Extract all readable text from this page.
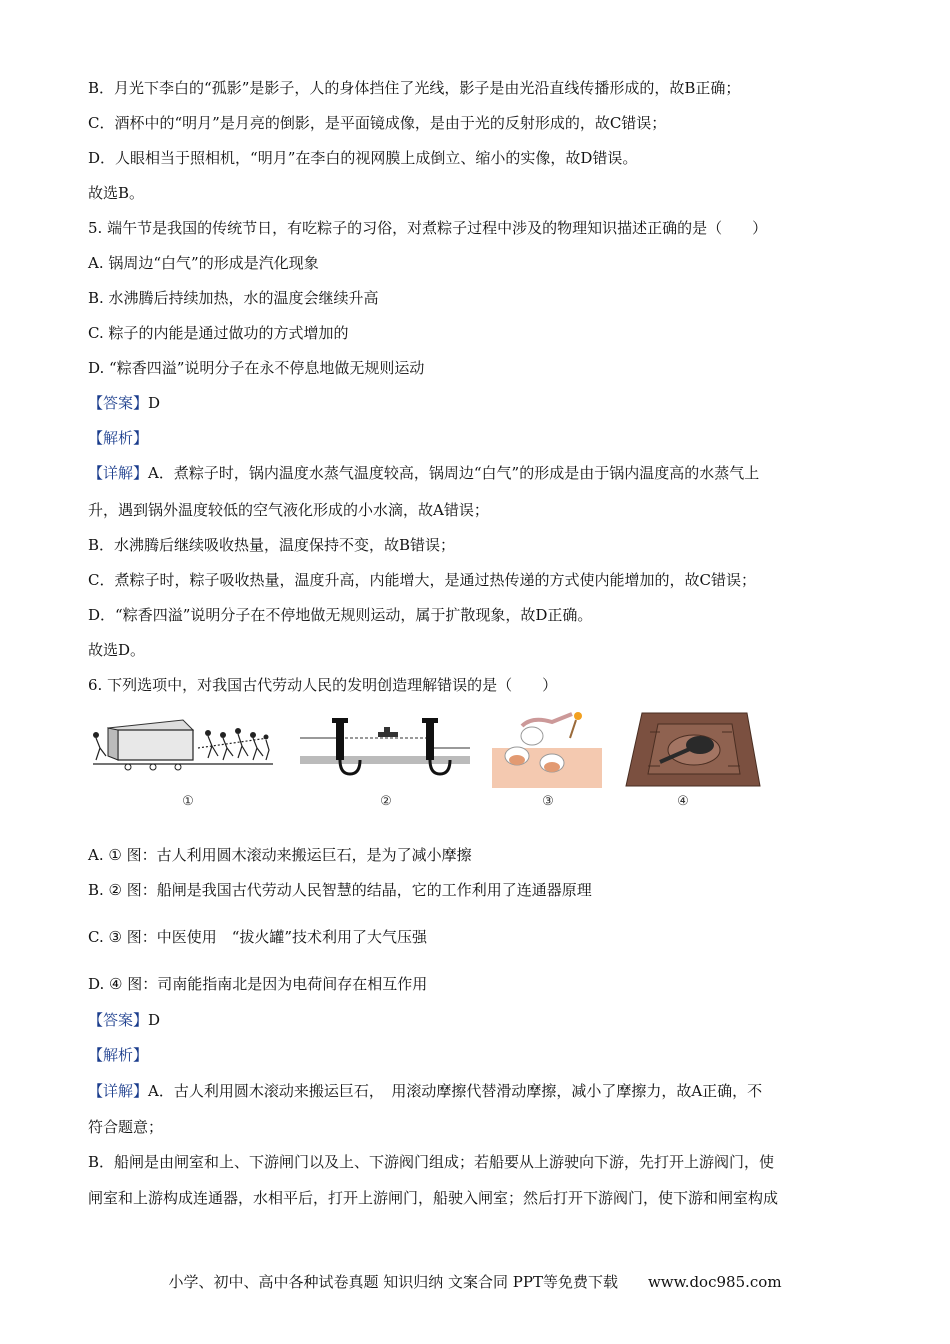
B．月光下李白的“孤影”是影子，人的身体挡住了光线，影子是由光沿直线传播形成的，故B正确；
C．酒杯中的“明月”是月亮的倒影，是平面镜成像，是由于光的反射形成的，故C错误；
D．人眼相当于照相机，“明月”在李白的视网膜上成倒立、缩小的实像，故D错误。
故选B。
5. 端午节是我国的传统节日，有吃粽子的习俗，对煮粽子过程中涉及的物理知识描述正确的是（　　）
A. 锅周边“白气”的形成是汽化现象
B. 水沸腾后持续加热，水的温度会继续升高
C. 粽子的内能是通过做功的方式增加的
D. “粽香四溢”说明分子在永不停息地做无规则运动
【答案】D
【解析】
【详解】A．煮粽子时，锅内温度水蒸气温度较高，锅周边“白气”的形成是由于锅内温度高的水蒸气上
升，遇到锅外温度较低的空气液化形成的小水滴，故A错误；
B．水沸腾后继续吸收热量，温度保持不变，故B错误；
C．煮粽子时，粽子吸收热量，温度升高，内能增大，是通过热传递的方式使内能增加的，故C错误；
D．“粽香四溢”说明分子在不停地做无规则运动，属于扩散现象，故D正确。
故选D。
6. 下列选项中，对我国古代劳动人民的发明创造理解错误的是（　　）
①	②	③	④
A. ① 图：古人利用圆木滚动来搬运巨石，是为了减小摩擦
B. ② 图：船闸是我国古代劳动人民智慧的结晶，它的工作利用了连通器原理
C. ③ 图：中医使用　“拔火罐”技术利用了大气压强
D. ④ 图：司南能指南北是因为电荷间存在相互作用
【答案】D
【解析】
【详解】A．古人利用圆木滚动来搬运巨石，　用滚动摩擦代替滑动摩擦，减小了摩擦力，故A正确，不
符合题意；
B．船闸是由闸室和上、下游闸门以及上、下游阀门组成；若船要从上游驶向下游，先打开上游阀门，使
闸室和上游构成连通器，水相平后，打开上游闸门，船驶入闸室；然后打开下游阀门，使下游和闸室构成
小学、初中、高中各种试卷真题 知识归纳 文案合同 PPT等免费下载　　www.doc985.com
